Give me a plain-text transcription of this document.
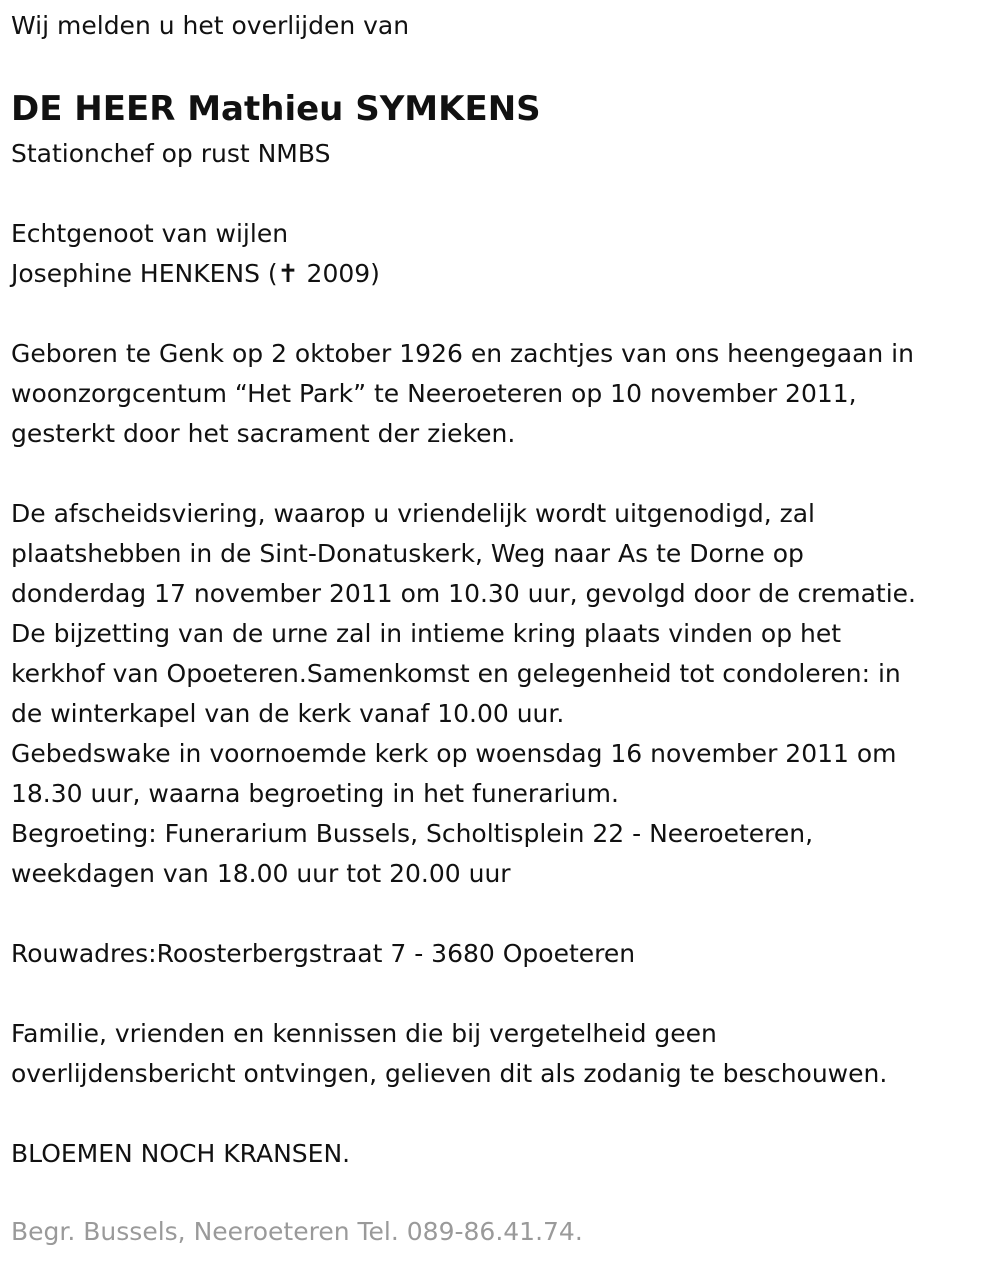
Wij melden u het overlijden van

DE HEER Mathieu SYMKENS

Stationchef op rust NMBS

Echtgenoot van wijlen

Josephine HENKENS (✝ 2009)

Geboren te Genk op 2 oktober 1926 en zachtjes van ons heengegaan in

woonzorgcentum “Het Park” te Neeroeteren op 10 november 2011,

gesterkt door het sacrament der zieken.

De afscheidsviering, waarop u vriendelijk wordt uitgenodigd, zal

plaatshebben in de Sint-Donatuskerk, Weg naar As te Dorne op

donderdag 17 november 2011 om 10.30 uur, gevolgd door de crematie.

De bijzetting van de urne zal in intieme kring plaats vinden op het

kerkhof van Opoeteren.Samenkomst en gelegenheid tot condoleren: in

de winterkapel van de kerk vanaf 10.00 uur.

Gebedswake in voornoemde kerk op woensdag 16 november 2011 om

18.30 uur, waarna begroeting in het funerarium.

Begroeting: Funerarium Bussels, Scholtisplein 22 - Neeroeteren,

weekdagen van 18.00 uur tot 20.00 uur

Rouwadres:Roosterbergstraat 7 - 3680 Opoeteren

Familie, vrienden en kennissen die bij vergetelheid geen

overlijdensbericht ontvingen, gelieven dit als zodanig te beschouwen.

BLOEMEN NOCH KRANSEN.

Begr. Bussels, Neeroeteren Tel. 089-86.41.74.
